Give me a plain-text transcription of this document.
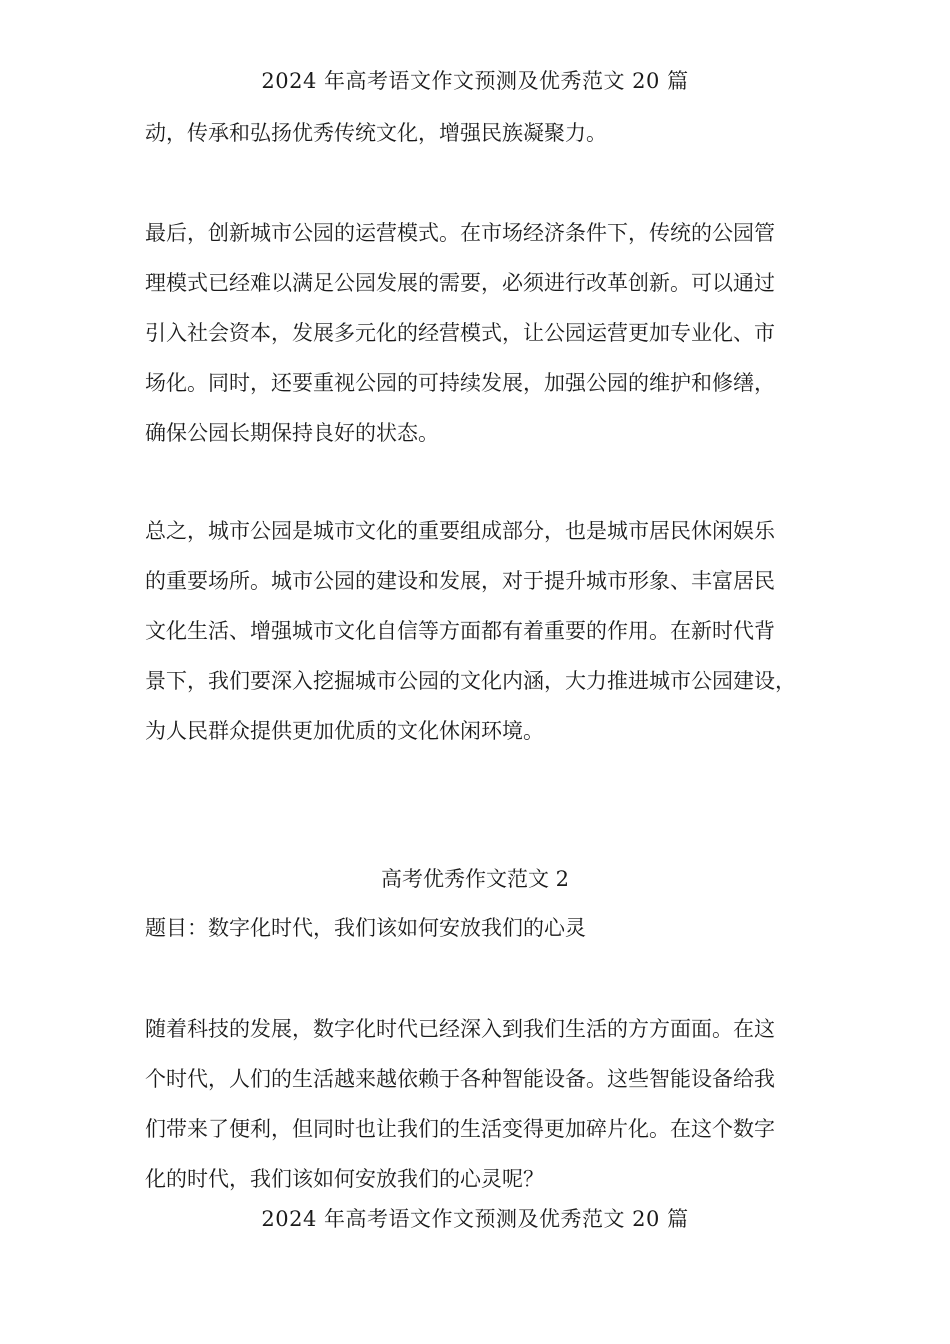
2024 年高考语文作文预测及优秀范文 20 篇
动，传承和弘扬优秀传统文化，增强民族凝聚力。
最后，创新城市公园的运营模式。在市场经济条件下，传统的公园管
理模式已经难以满足公园发展的需要，必须进行改革创新。可以通过
引入社会资本，发展多元化的经营模式，让公园运营更加专业化、市
场化。同时，还要重视公园的可持续发展，加强公园的维护和修缮，
确保公园长期保持良好的状态。
总之，城市公园是城市文化的重要组成部分，也是城市居民休闲娱乐
的重要场所。城市公园的建设和发展，对于提升城市形象、丰富居民
文化生活、增强城市文化自信等方面都有着重要的作用。在新时代背
景下，我们要深入挖掘城市公园的文化内涵，大力推进城市公园建设，
为人民群众提供更加优质的文化休闲环境。
高考优秀作文范文 2
题目：数字化时代，我们该如何安放我们的心灵
随着科技的发展，数字化时代已经深入到我们生活的方方面面。在这
个时代，人们的生活越来越依赖于各种智能设备。这些智能设备给我
们带来了便利，但同时也让我们的生活变得更加碎片化。在这个数字
化的时代，我们该如何安放我们的心灵呢？
2024 年高考语文作文预测及优秀范文 20 篇
